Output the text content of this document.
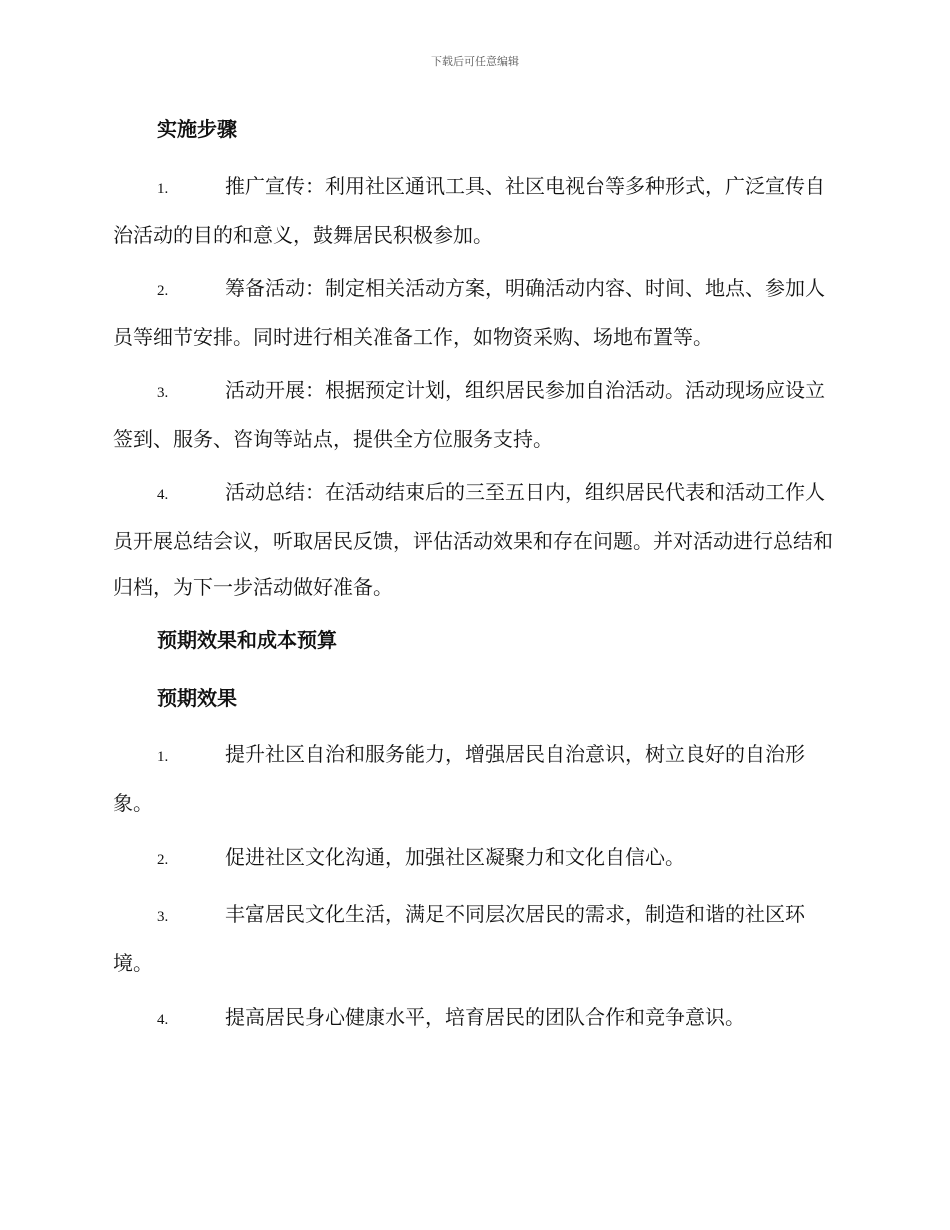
下载后可任意编辑
实施步骤

1.	推广宣传：利用社区通讯工具、社区电视台等多种形式，广泛宣传自治活动的目的和意义，鼓舞居民积极参加。

2.	筹备活动：制定相关活动方案，明确活动内容、时间、地点、参加人员等细节安排。同时进行相关准备工作，如物资采购、场地布置等。

3.	活动开展：根据预定计划，组织居民参加自治活动。活动现场应设立签到、服务、咨询等站点，提供全方位服务支持。

4.	活动总结：在活动结束后的三至五日内，组织居民代表和活动工作人员开展总结会议，听取居民反馈，评估活动效果和存在问题。并对活动进行总结和归档，为下一步活动做好准备。

预期效果和成本预算
预期效果

1.	提升社区自治和服务能力，增强居民自治意识，树立良好的自治形象。

2.	促进社区文化沟通，加强社区凝聚力和文化自信心。

3.	丰富居民文化生活，满足不同层次居民的需求，制造和谐的社区环境。

4.	提高居民身心健康水平，培育居民的团队合作和竞争意识。
